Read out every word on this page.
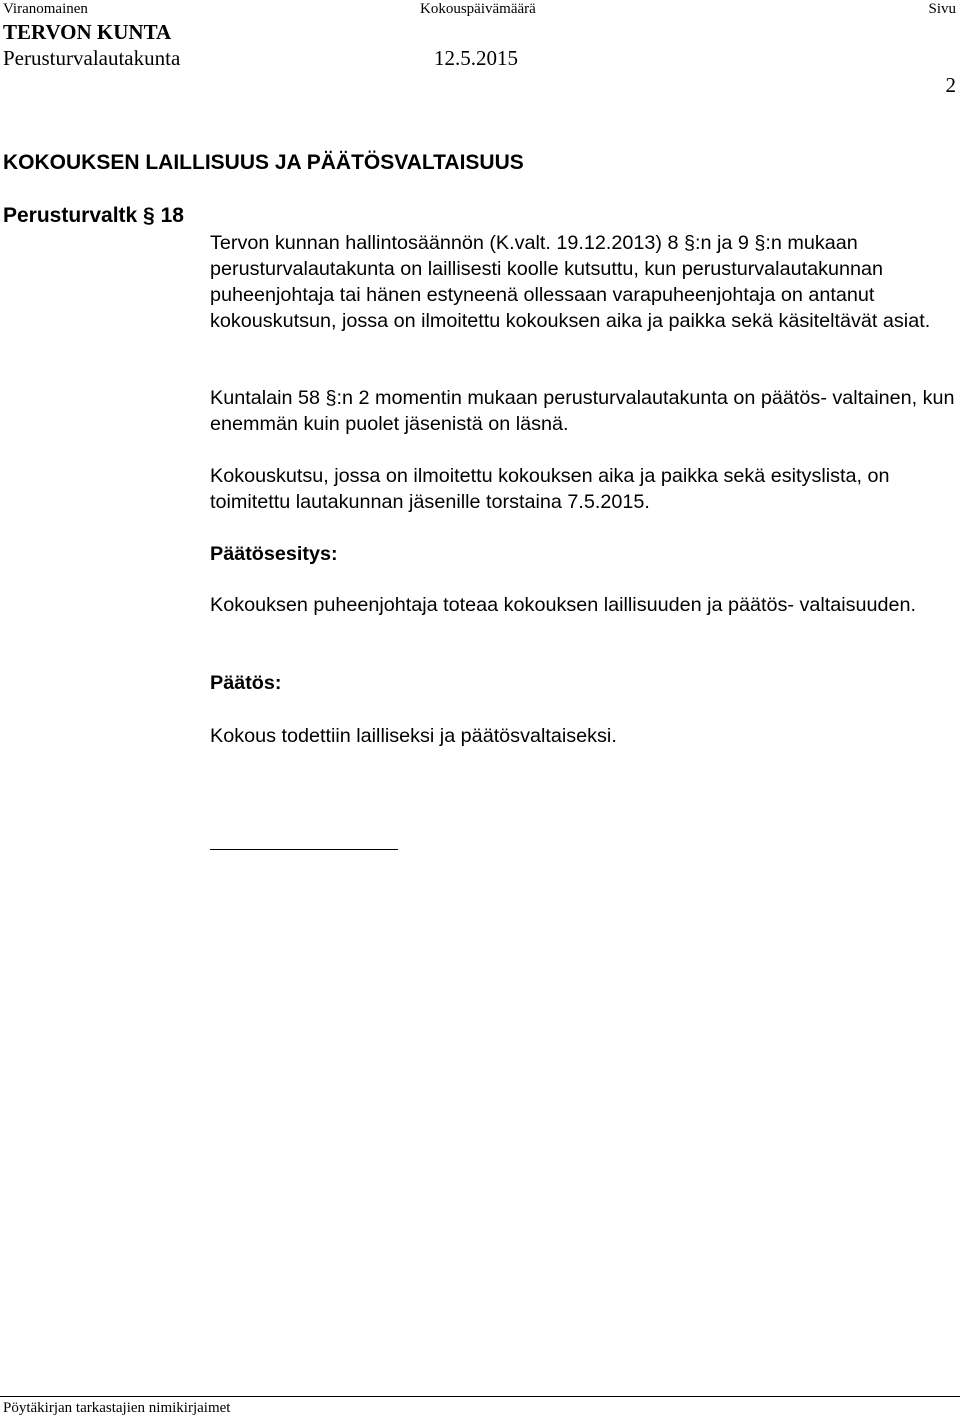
Viranomainen	Kokouspäivämäärä	Sivu
TERVON KUNTA
Perusturvalautakunta	12.5.2015
2
KOKOUKSEN LAILLISUUS JA PÄÄTÖSVALTAISUUS
Perusturvaltk § 18

Tervon kunnan hallintosäännön (K.valt. 19.12.2013) 8 §:n ja 9 §:n mukaan perusturvalautakunta on laillisesti koolle kutsuttu, kun perusturvalautakunnan puheenjohtaja tai hänen estyneenä ollessaan varapuheenjohtaja on antanut kokouskutsun, jossa on ilmoitettu kokouksen aika ja paikka sekä käsiteltävät asiat.

Kuntalain 58 §:n 2 momentin mukaan perusturvalautakunta on päätös- valtainen, kun enemmän kuin puolet jäsenistä on läsnä.

Kokouskutsu, jossa on ilmoitettu kokouksen aika ja paikka sekä esityslista, on toimitettu lautakunnan jäsenille torstaina 7.5.2015.

Päätösesitys:

Kokouksen puheenjohtaja toteaa kokouksen laillisuuden ja päätös- valtaisuuden.

Päätös:

Kokous todettiin lailliseksi ja päätösvaltaiseksi.

Pöytäkirjan tarkastajien nimikirjaimet
